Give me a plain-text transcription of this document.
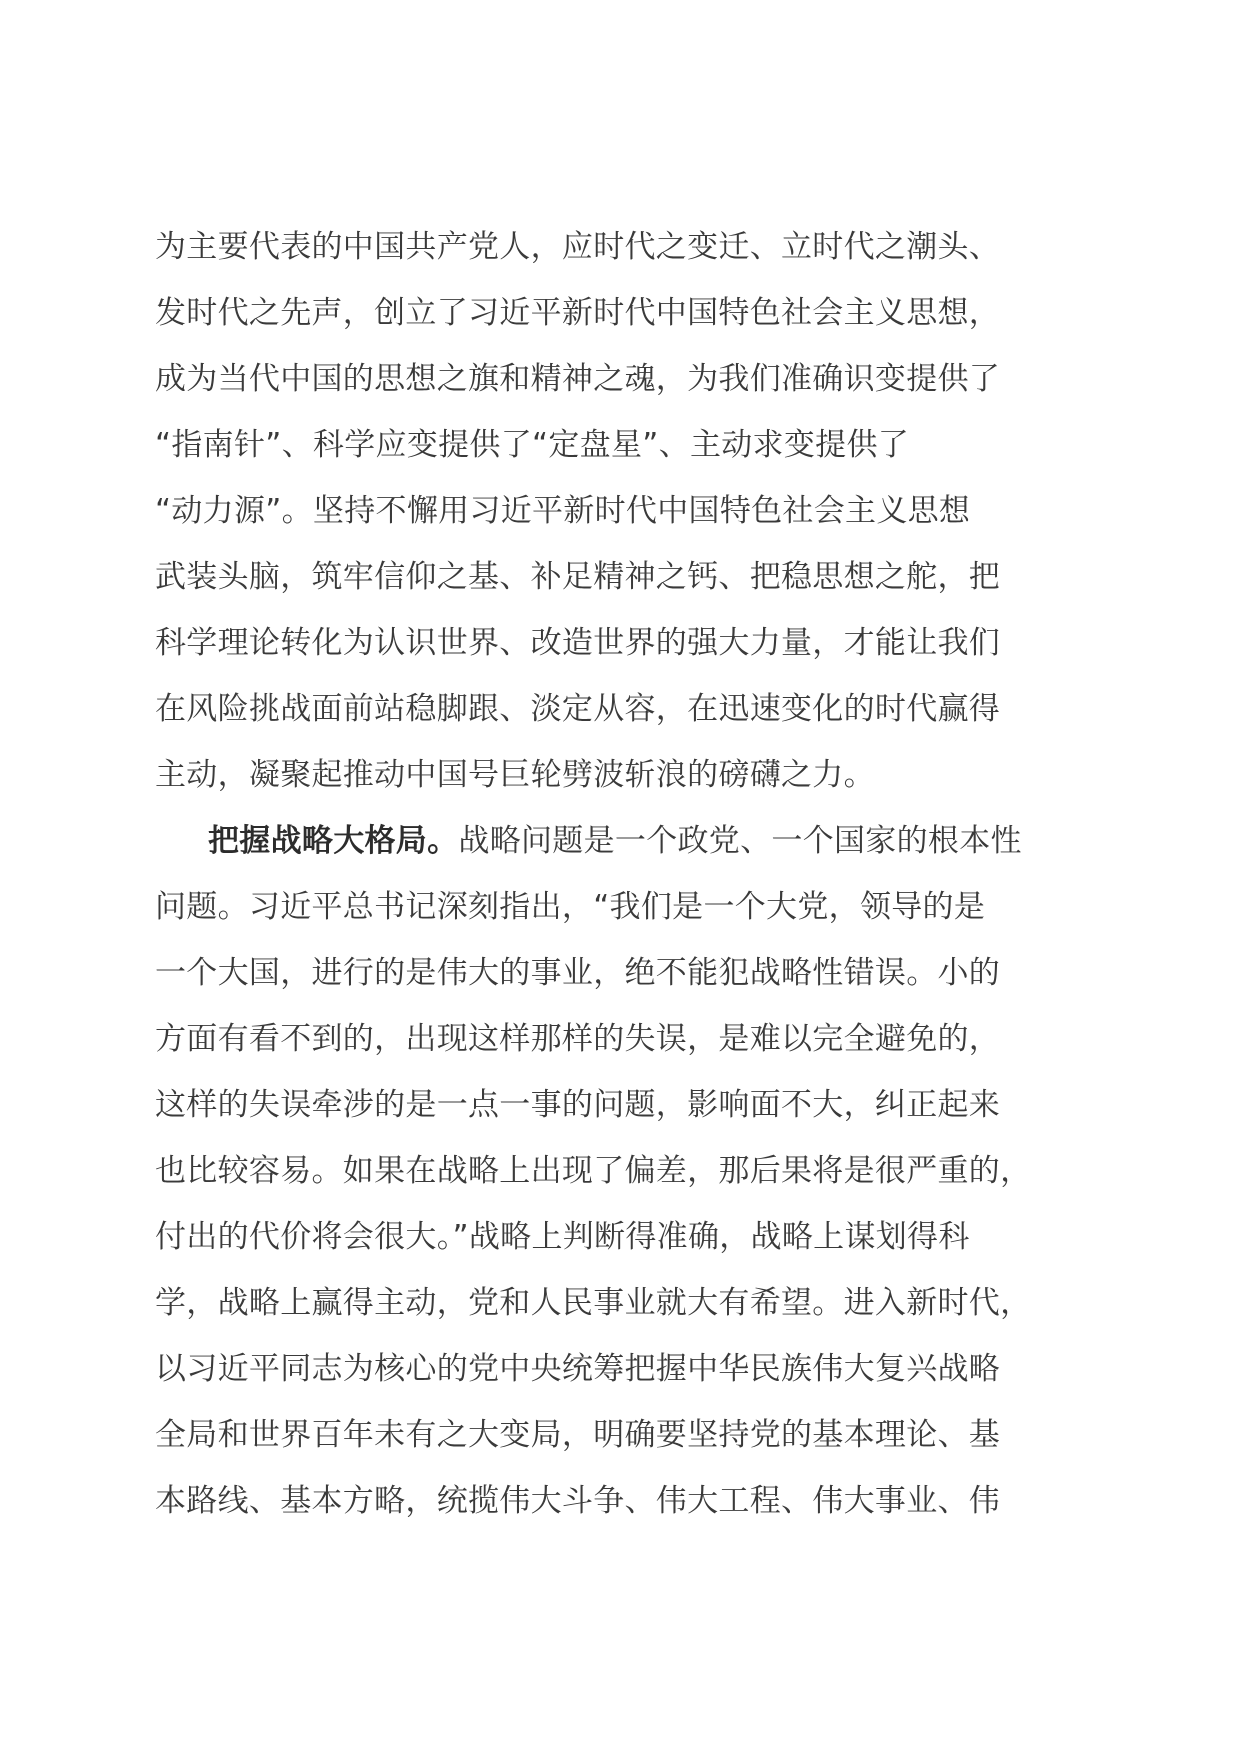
为主要代表的中国共产党人，应时代之变迁、立时代之潮头、
发时代之先声，创立了习近平新时代中国特色社会主义思想，
成为当代中国的思想之旗和精神之魂，为我们准确识变提供了
“指南针”、科学应变提供了“定盘星”、主动求变提供了
“动力源”。坚持不懈用习近平新时代中国特色社会主义思想
武装头脑，筑牢信仰之基、补足精神之钙、把稳思想之舵，把
科学理论转化为认识世界、改造世界的强大力量，才能让我们
在风险挑战面前站稳脚跟、淡定从容，在迅速变化的时代赢得
主动，凝聚起推动中国号巨轮劈波斩浪的磅礴之力。
把握战略大格局。战略问题是一个政党、一个国家的根本性
问题。习近平总书记深刻指出，“我们是一个大党，领导的是
一个大国，进行的是伟大的事业，绝不能犯战略性错误。小的
方面有看不到的，出现这样那样的失误，是难以完全避免的，
这样的失误牵涉的是一点一事的问题，影响面不大，纠正起来
也比较容易。如果在战略上出现了偏差，那后果将是很严重的，
付出的代价将会很大。”战略上判断得准确，战略上谋划得科
学，战略上赢得主动，党和人民事业就大有希望。进入新时代，
以习近平同志为核心的党中央统筹把握中华民族伟大复兴战略
全局和世界百年未有之大变局，明确要坚持党的基本理论、基
本路线、基本方略，统揽伟大斗争、伟大工程、伟大事业、伟
